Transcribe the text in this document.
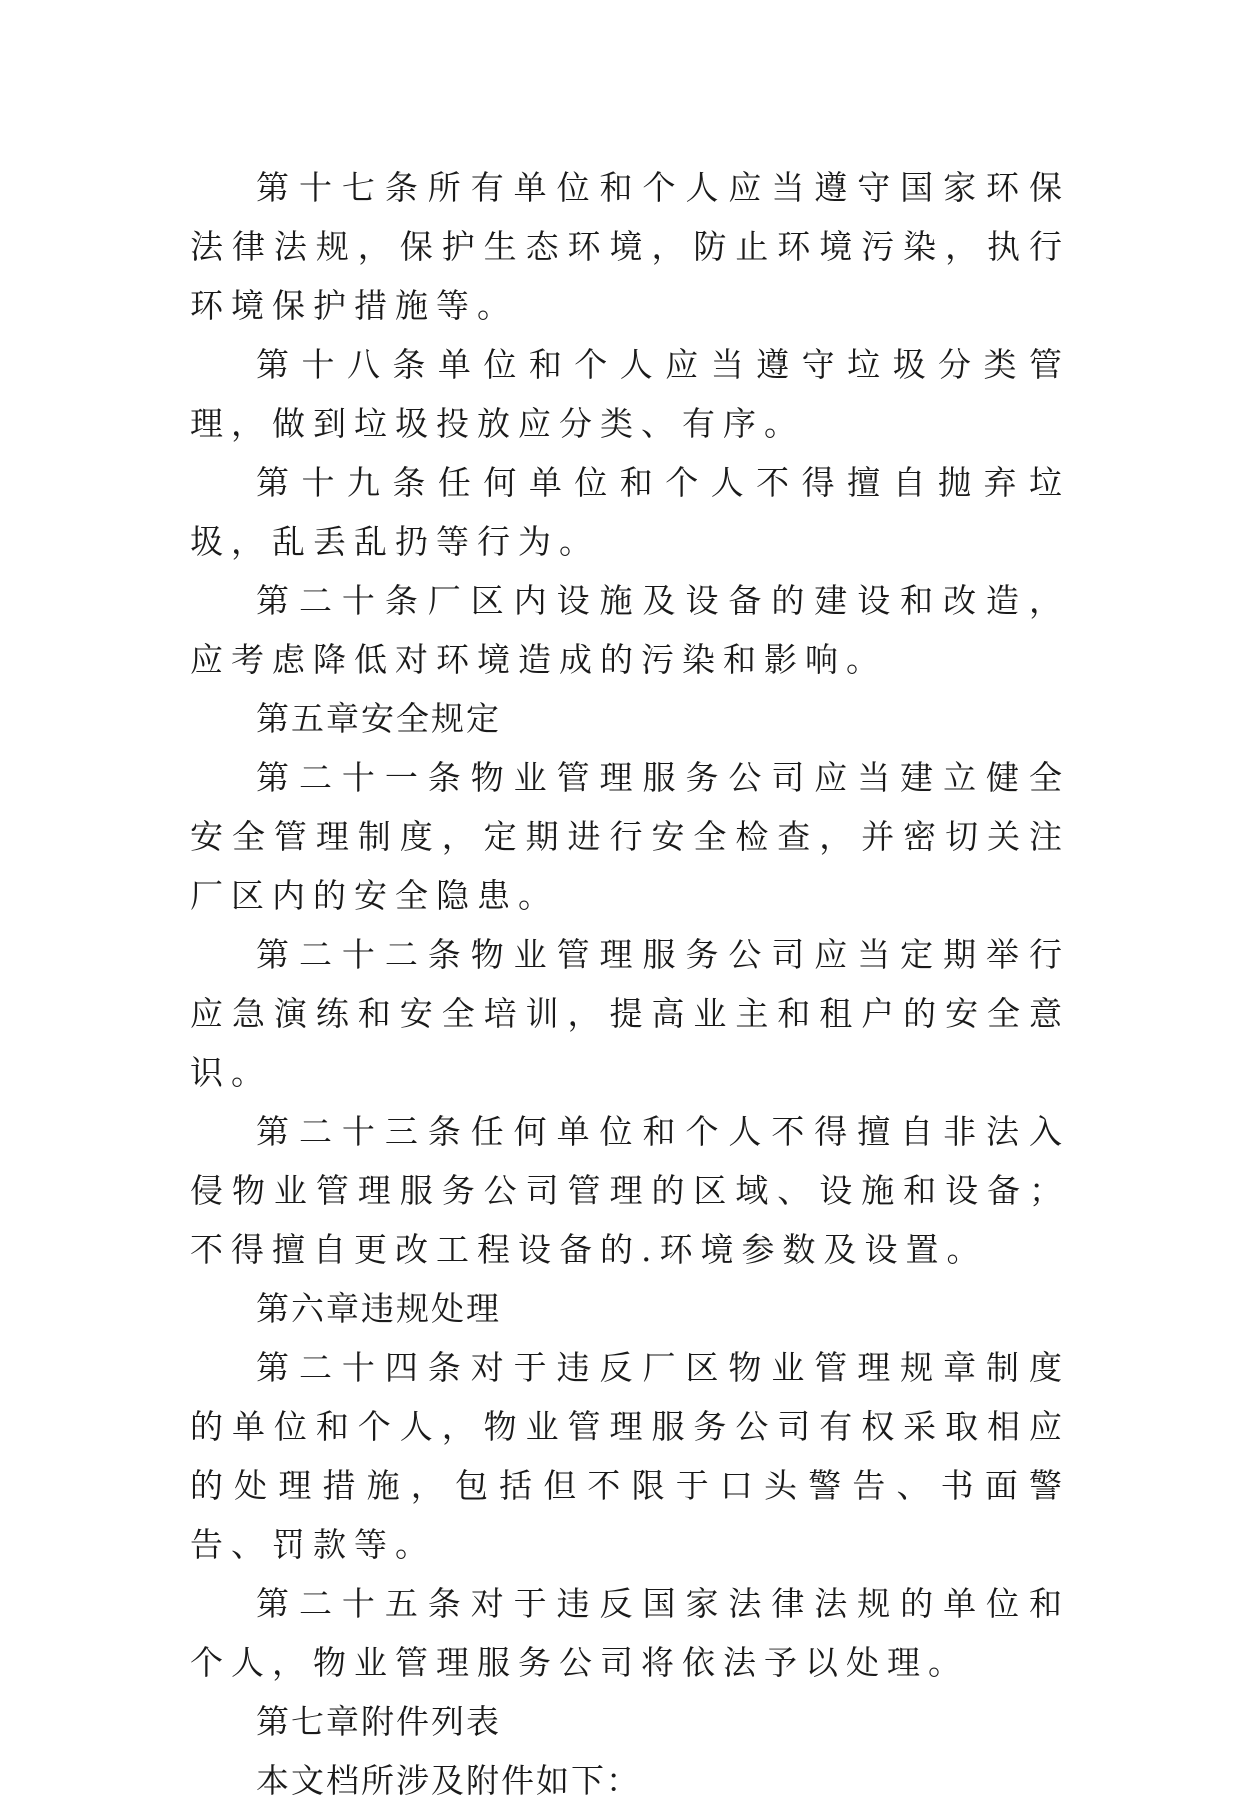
第十七条所有单位和个人应当遵守国家环保法律法规，保护生态环境，防止环境污染，执行环境保护措施等。

第十八条单位和个人应当遵守垃圾分类管理，做到垃圾投放应分类、有序。

第十九条任何单位和个人不得擅自抛弃垃圾，乱丢乱扔等行为。

第二十条厂区内设施及设备的建设和改造，应考虑降低对环境造成的污染和影响。

第五章安全规定

第二十一条物业管理服务公司应当建立健全安全管理制度，定期进行安全检查，并密切关注厂区内的安全隐患。

第二十二条物业管理服务公司应当定期举行应急演练和安全培训，提高业主和租户的安全意识。

第二十三条任何单位和个人不得擅自非法入侵物业管理服务公司管理的区域、设施和设备；不得擅自更改工程设备的.环境参数及设置。

第六章违规处理

第二十四条对于违反厂区物业管理规章制度的单位和个人，物业管理服务公司有权采取相应的处理措施，包括但不限于口头警告、书面警告、罚款等。

第二十五条对于违反国家法律法规的单位和个人，物业管理服务公司将依法予以处理。

第七章附件列表

本文档所涉及附件如下：
